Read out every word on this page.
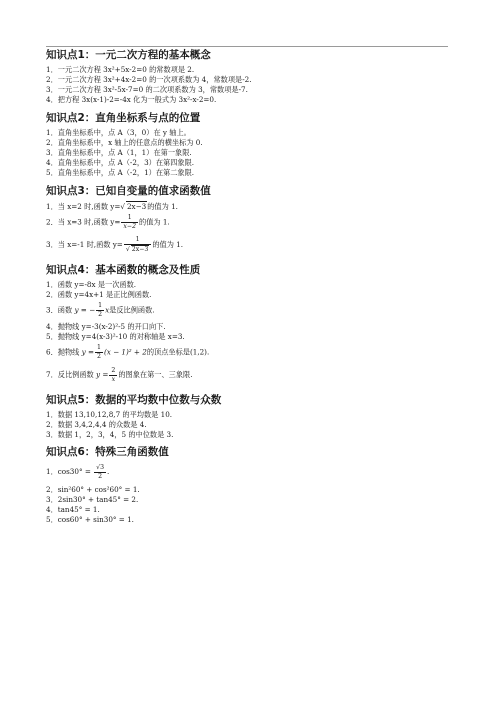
知识点1：一元二次方程的基本概念

1．一元二次方程 3x²+5x-2=0 的常数项是 2.

2．一元二次方程 3x²+4x-2=0 的一次项系数为 4，常数项是-2.

3．一元二次方程 3x²-5x-7=0 的二次项系数为 3，常数项是-7.

4．把方程 3x(x-1)-2=-4x 化为一般式为 3x²-x-2=0.

知识点2：直角坐标系与点的位置

1．直角坐标系中，点 A（3，0）在 y 轴上。

2．直角坐标系中，x 轴上的任意点的横坐标为 0.

3．直角坐标系中，点 A（1，1）在第一象限.

4．直角坐标系中，点 A（-2，3）在第四象限.

5．直角坐标系中，点 A（-2，1）在第二象限.

知识点3：已知自变量的值求函数值

1．当 x=2 时,函数 y=√ 2x−3的值为 1.

2．当 x=3 时,函数 $y= \frac{1}{x-2}$ 的值为 1.

3．当 x=-1 时,函数 $y= \frac{1}{√ 2x-3}$ 的值为 1.

知识点4：基本函数的概念及性质

1．函数 y=-8x 是一次函数.

2．函数 y=4x+1 是正比例函数.

3．函数 y = − $\frac{1}{2}$ x是反比例函数.

4．抛物线 y=-3(x-2)²-5 的开口向下.

5．抛物线 y=4(x-3)²-10 的对称轴是 x=3.

6．抛物线 $y = \frac{1}{2} (x - 1)^2 + 2$的顶点坐标是(1,2).

7．反比例函数 $y = \frac{2}{x}$ 的图象在第一、三象限.

知识点5：数据的平均数中位数与众数

1．数据 13,10,12,8,7 的平均数是 10.

2．数据 3,4,2,4,4 的众数是 4.

3．数据 1，2，3，4，5 的中位数是 3.

知识点6：特殊三角函数值

1．$\cos 30^\circ = \frac{√3}{2}$ .

2．sin²60° + cos²60° = 1.

3．2sin30° + tan45° = 2.

4．tan45° = 1.

5．cos60° + sin30° = 1.
